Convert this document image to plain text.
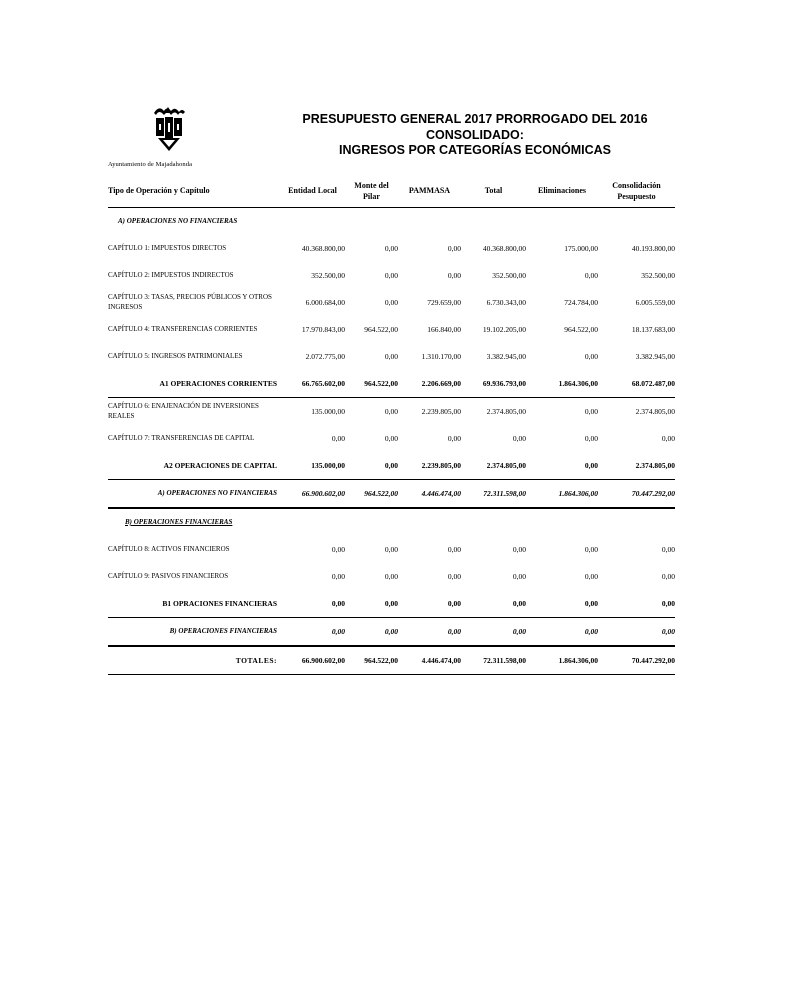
Ayuntamiento de Majadahonda
PRESUPUESTO GENERAL 2017 PRORROGADO DEL 2016
CONSOLIDADO:
INGRESOS POR CATEGORÍAS ECONÓMICAS
Tipo de Operación y Capítulo	Entidad Local	Monte del Pilar	PAMMASA	Total	Eliminaciones	Consolidación Pesupuesto
A) OPERACIONES NO FINANCIERAS						
CAPÍTULO 1: IMPUESTOS DIRECTOS	40.368.800,00	0,00	0,00	40.368.800,00	175.000,00	40.193.800,00
CAPÍTULO 2: IMPUESTOS INDIRECTOS	352.500,00	0,00	0,00	352.500,00	0,00	352.500,00
CAPÍTULO 3: TASAS, PRECIOS PÚBLICOS Y OTROS INGRESOS	6.000.684,00	0,00	729.659,00	6.730.343,00	724.784,00	6.005.559,00
CAPÍTULO 4: TRANSFERENCIAS CORRIENTES	17.970.843,00	964.522,00	166.840,00	19.102.205,00	964.522,00	18.137.683,00
CAPÍTULO 5: INGRESOS PATRIMONIALES	2.072.775,00	0,00	1.310.170,00	3.382.945,00	0,00	3.382.945,00
A1 OPERACIONES CORRIENTES	66.765.602,00	964.522,00	2.206.669,00	69.936.793,00	1.864.306,00	68.072.487,00
CAPÍTULO 6: ENAJENACIÓN DE INVERSIONES REALES	135.000,00	0,00	2.239.805,00	2.374.805,00	0,00	2.374.805,00
CAPÍTULO 7: TRANSFERENCIAS DE CAPITAL	0,00	0,00	0,00	0,00	0,00	0,00
A2 OPERACIONES DE CAPITAL	135.000,00	0,00	2.239.805,00	2.374.805,00	0,00	2.374.805,00
A) OPERACIONES NO FINANCIERAS	66.900.602,00	964.522,00	4.446.474,00	72.311.598,00	1.864.306,00	70.447.292,00
B) OPERACIONES FINANCIERAS						
CAPÍTULO 8: ACTIVOS FINANCIEROS	0,00	0,00	0,00	0,00	0,00	0,00
CAPÍTULO 9: PASIVOS FINANCIEROS	0,00	0,00	0,00	0,00	0,00	0,00
B1 OPRACIONES FINANCIERAS	0,00	0,00	0,00	0,00	0,00	0,00
B) OPERACIONES FINANCIERAS	0,00	0,00	0,00	0,00	0,00	0,00
TOTALES:	66.900.602,00	964.522,00	4.446.474,00	72.311.598,00	1.864.306,00	70.447.292,00
